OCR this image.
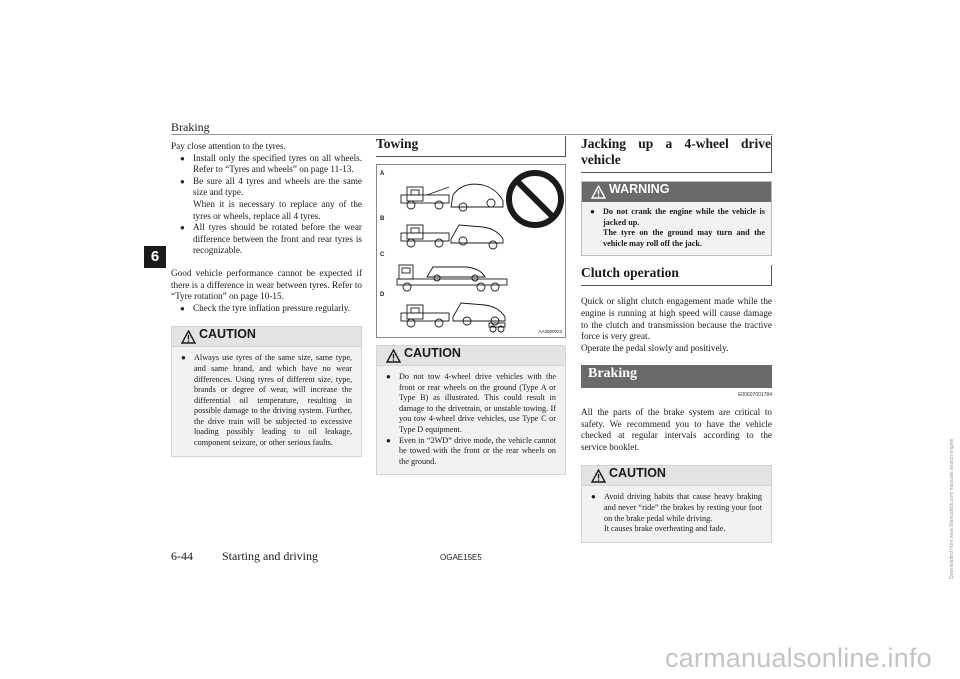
Braking
6

Pay close attention to the tyres.

● Install only the specified tyres on all wheels. Refer to “Tyres and wheels” on page 11-13.
● Be sure all 4 tyres and wheels are the same size and type.
When it is necessary to replace any of the tyres or wheels, replace all 4 tyres.
● All tyres should be rotated before the wear difference between the front and rear tyres is recognizable.

Good vehicle performance cannot be expected if there is a difference in wear between tyres. Refer to “Tyre rotation” on page 10-15.

● Check the tyre inflation pressure regularly.
CAUTION
● Always use tyres of the same size, same type, and same brand, and which have no wear differences. Using tyres of different size, type, brands or degree of wear, will increase the differential oil temperature, resulting in possible damage to the driving system. Further, the drive train will be subjected to excessive loading possibly leading to oil leakage, component seizure, or other serious faults.
Towing
A
B
C
D
AA3000023
CAUTION
● Do not tow 4-wheel drive vehicles with the front or rear wheels on the ground (Type A or Type B) as illustrated. This could result in damage to the drivetrain, or unstable towing. If you tow 4-wheel drive vehicles, use Type C or Type D equipment.
● Even in “2WD” drive mode, the vehicle cannot be towed with the front or the rear wheels on the ground.
Jacking up a 4-wheel drive vehicle
WARNING
● Do not crank the engine while the vehicle is jacked up.
The tyre on the ground may turn and the vehicle may roll off the jack.
Clutch operation

Quick or slight clutch engagement made while the engine is running at high speed will cause damage to the clutch and transmission because the tractive force is very great.
Operate the pedal slowly and positively.

Braking
E00607001784

All the parts of the brake system are critical to safety. We recommend you to have the vehicle checked at regular intervals according to the service booklet.

CAUTION
● Avoid driving habits that cause heavy braking and never “ride” the brakes by resting your foot on the brake pedal while driving.
It causes brake overheating and fade.
6-44 Starting and driving	OGAE15E5
carmanualsonline.info
Downloaded from www.Manualslib.com manuals search engine
